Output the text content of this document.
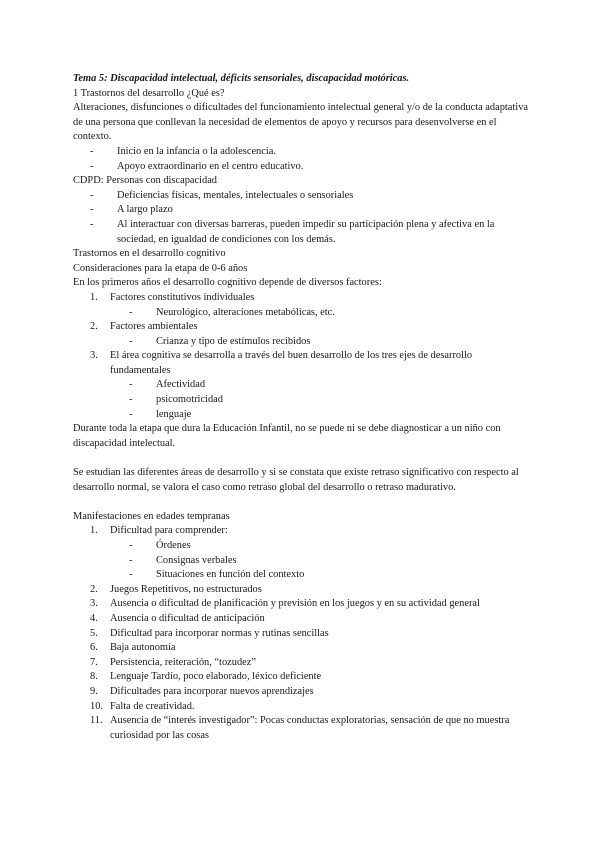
Tema 5: Discapacidad intelectual, déficits sensoriales, discapacidad motóricas.

1 Trastornos del desarrollo ¿Qué es?

Alteraciones, disfunciones o dificultades del funcionamiento intelectual general y/o de la conducta adaptativa de una persona que conllevan la necesidad de elementos de apoyo y recursos para desenvolverse en el contexto.

-	Inicio en la infancia o la adolescencia.
-	Apoyo extraordinario en el centro educativo.

CDPD: Personas con discapacidad

-	Deficiencias físicas, mentales, intelectuales o sensoriales
-	A largo plazo
-	Al interactuar con diversas barreras, pueden impedir su participación plena y afectiva en la sociedad, en igualdad de condiciones con los demás.

Trastornos en el desarrollo cognitivo

Consideraciones para la etapa de 0-6 años

En los primeros años el desarrollo cognitivo depende de diversos factores:

1.	Factores constitutivos individuales
-	Neurológico, alteraciones metabólicas, etc.
2.	Factores ambientales
-	Crianza y tipo de estímulos recibidos
3.	El área cognitiva se desarrolla a través del buen desarrollo de los tres ejes de desarrollo fundamentales
-	Afectividad
-	psicomotricidad
-	lenguaje

Durante toda la etapa que dura la Educación Infantil, no se puede ni se debe diagnosticar a un niño con discapacidad intelectual.

Se estudian las diferentes áreas de desarrollo y si se constata que existe retraso significativo con respecto al desarrollo normal, se valora el caso como retraso global del desarrollo o retraso madurativo.

Manifestaciones en edades tempranas

1.	Dificultad para comprender:
-	Órdenes
-	Consignas verbales
-	Situaciones en función del contexto
2.	Juegos Repetitivos, no estructurados
3.	Ausencia o dificultad de planificación y previsión en los juegos y en su actividad general
4.	Ausencia o dificultad de anticipación
5.	Dificultad para incorporar normas y rutinas sencillas
6.	Baja autonomía
7.	Persistencia, reiteración, “tozudez”
8.	Lenguaje Tardío, poco elaborado, léxico deficiente
9.	Dificultades para incorporar nuevos aprendizajes
10. Falta de creatividad.
11. Ausencia de “interés investigador”: Pocas conductas exploratorias, sensación de que no muestra curiosidad por las cosas
